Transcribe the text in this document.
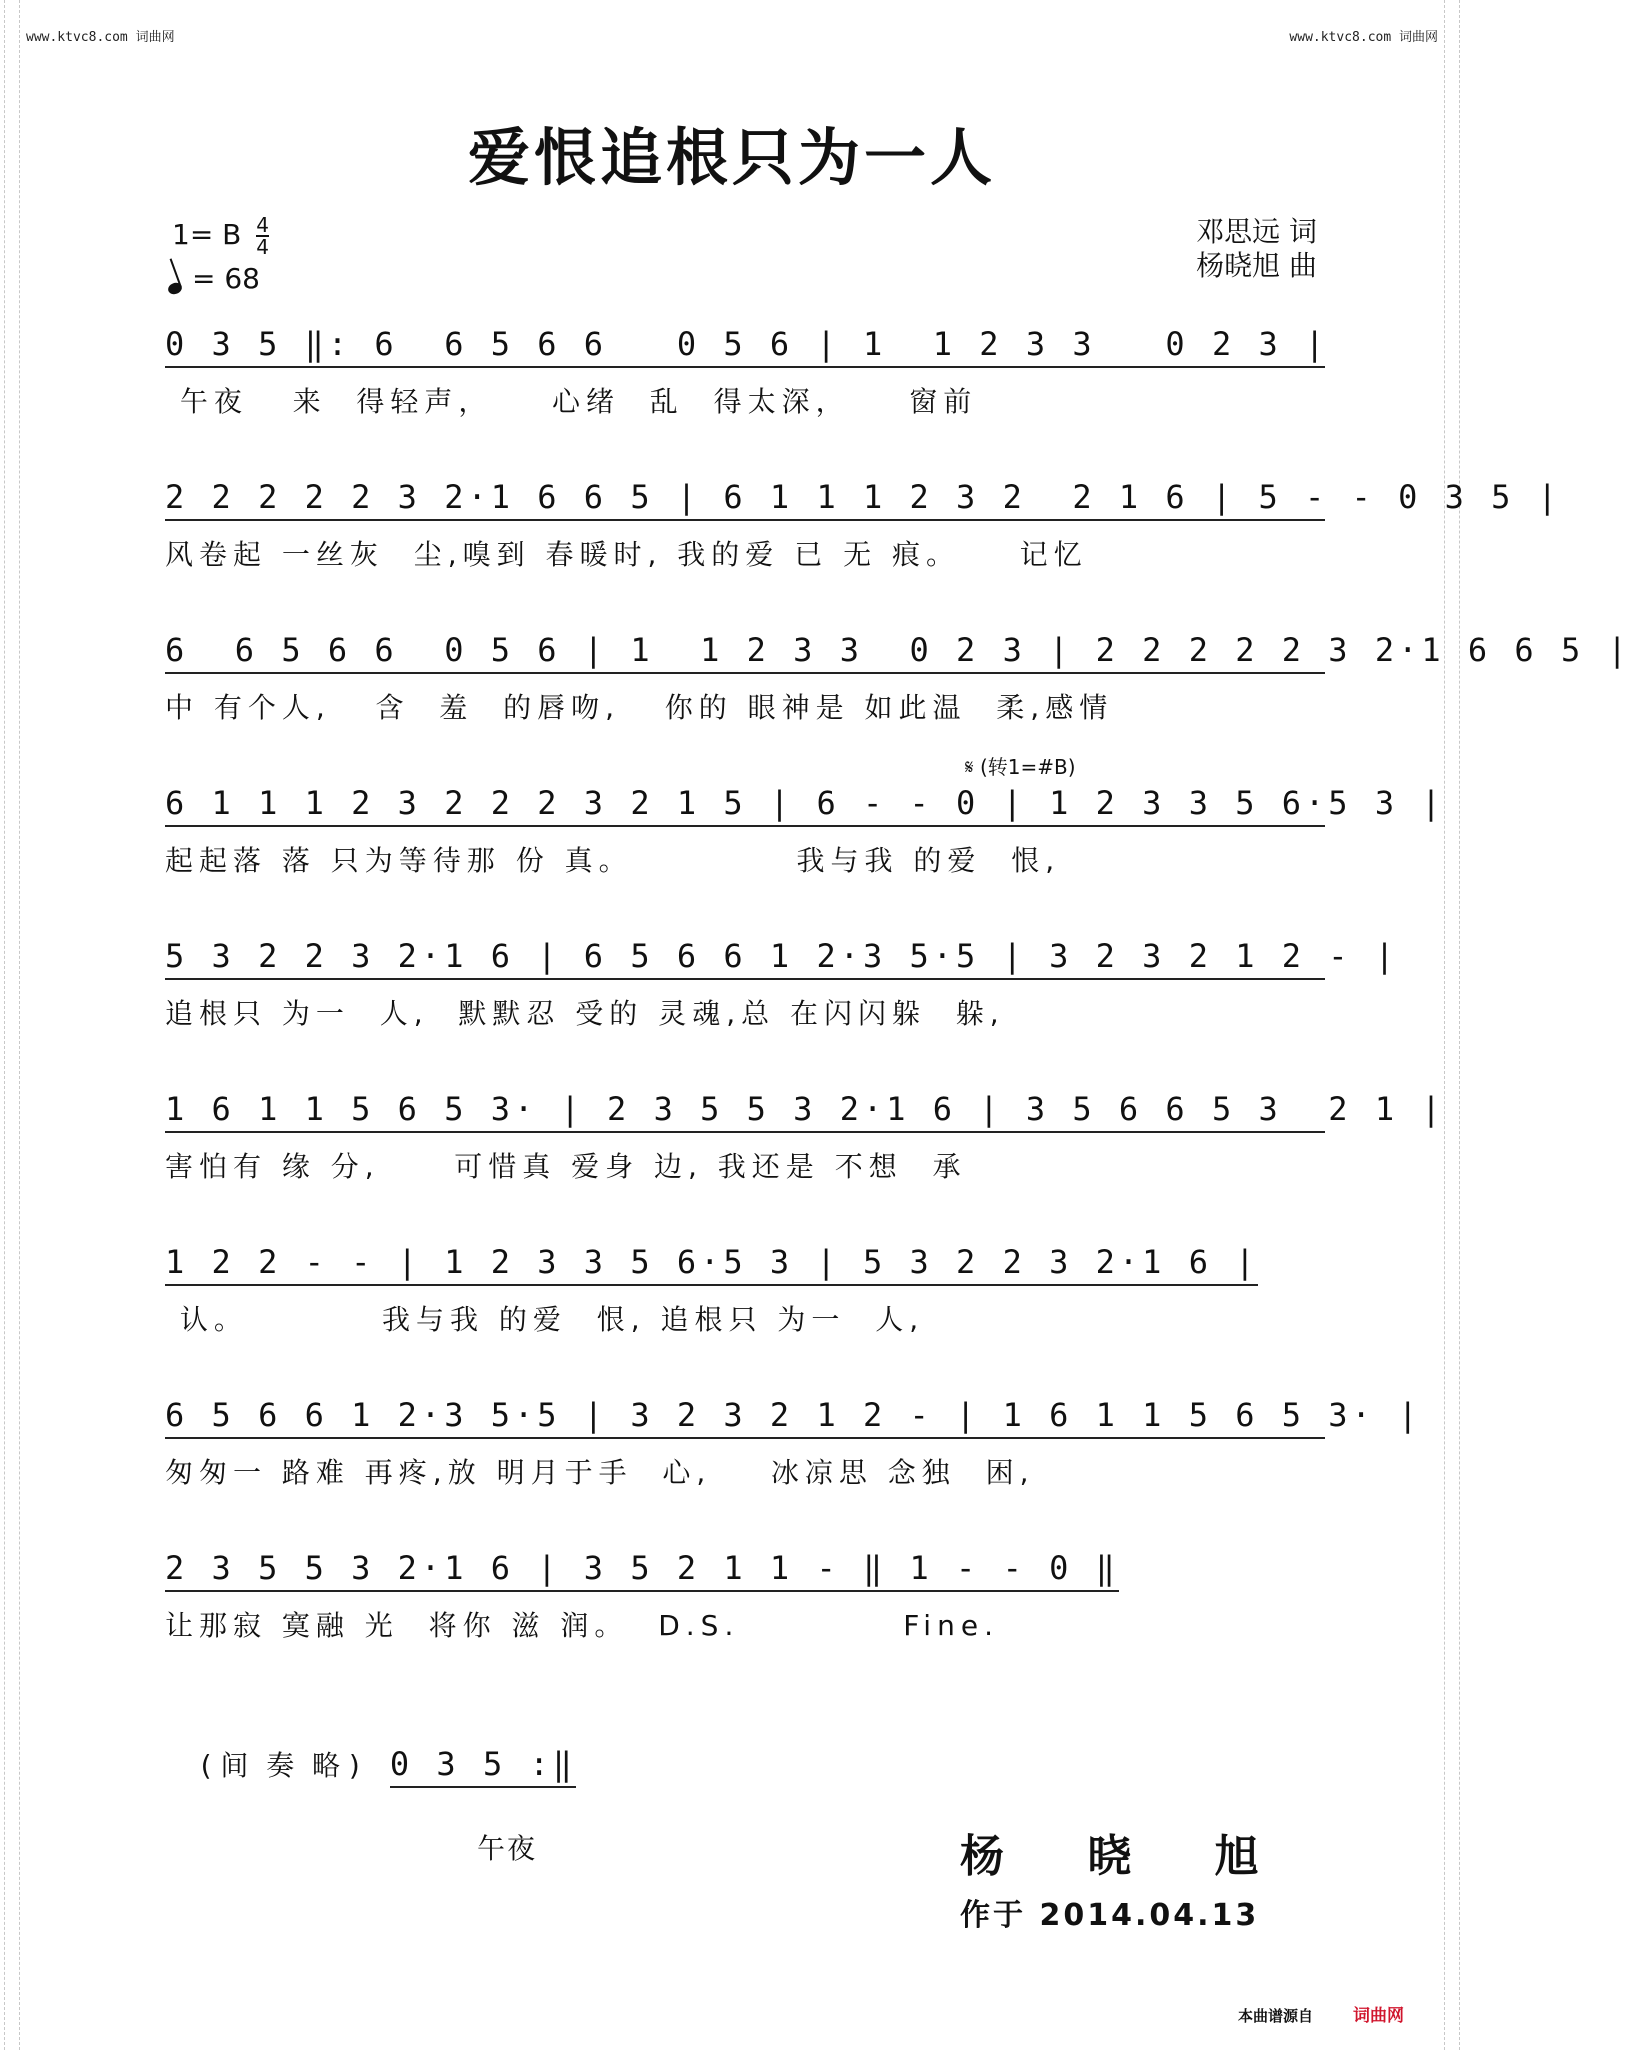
www.ktvc8.com 词曲网	www.ktvc8.com 词曲网
爱恨追根只为一人
1= B $\frac{4}{4}$
= 68
邓思远 词
杨晓旭 曲
0 3 5 ‖: 6  6 5 6 6   0 5 6 | 1  1 2 3 3   0 2 3 |
午夜   来  得轻声，    心绪  乱  得太深，    窗前
2 2 2 2 2 3 2·1 6 6 5 | 6 1 1 1 2 3 2  2 1 6 | 5 - - 0 3 5 |
风卷起 一丝灰  尘,嗅到 春暖时, 我的爱 已 无 痕。    记忆
6  6 5 6 6  0 5 6 | 1  1 2 3 3  0 2 3 | 2 2 2 2 2 3 2·1 6 6 5 |
中 有个人,   含  羞  的唇吻,   你的 眼神是 如此温  柔,感情
𝄋 (转1=#B)
6 1 1 1 2 3 2 2 2 3 2 1 5 | 6 - - 0 | 1 2 3 3 5 6·5 3 |
起起落 落 只为等待那 份 真。           我与我 的爱  恨,
5 3 2 2 3 2·1 6 | 6 5 6 6 1 2·3 5·5 | 3 2 3 2 1 2 - |
追根只 为一  人,  默默忍 受的 灵魂,总 在闪闪躲  躲,
1 6 1 1 5 6 5 3· | 2 3 5 5 3 2·1 6 | 3 5 6 6 5 3  2 1 |
害怕有 缘 分,     可惜真 爱身 边, 我还是 不想  承
1 2 2 - - | 1 2 3 3 5 6·5 3 | 5 3 2 2 3 2·1 6 |
认。         我与我 的爱  恨, 追根只 为一  人,
6 5 6 6 1 2·3 5·5 | 3 2 3 2 1 2 - | 1 6 1 1 5 6 5 3· |
匆匆一 路难 再疼,放 明月于手  心,    冰凉思 念独  困,
2 3 5 5 3 2·1 6 | 3 5 2 1 1 - ‖ 1 - - 0 ‖
让那寂 寞融 光  将你 滋 润。  D.S.           Fine.

( 间  奏  略 ) 0 3 5 :‖

午夜

	杨 晓 旭
作于 2014.04.13
本曲谱源自 词曲网
